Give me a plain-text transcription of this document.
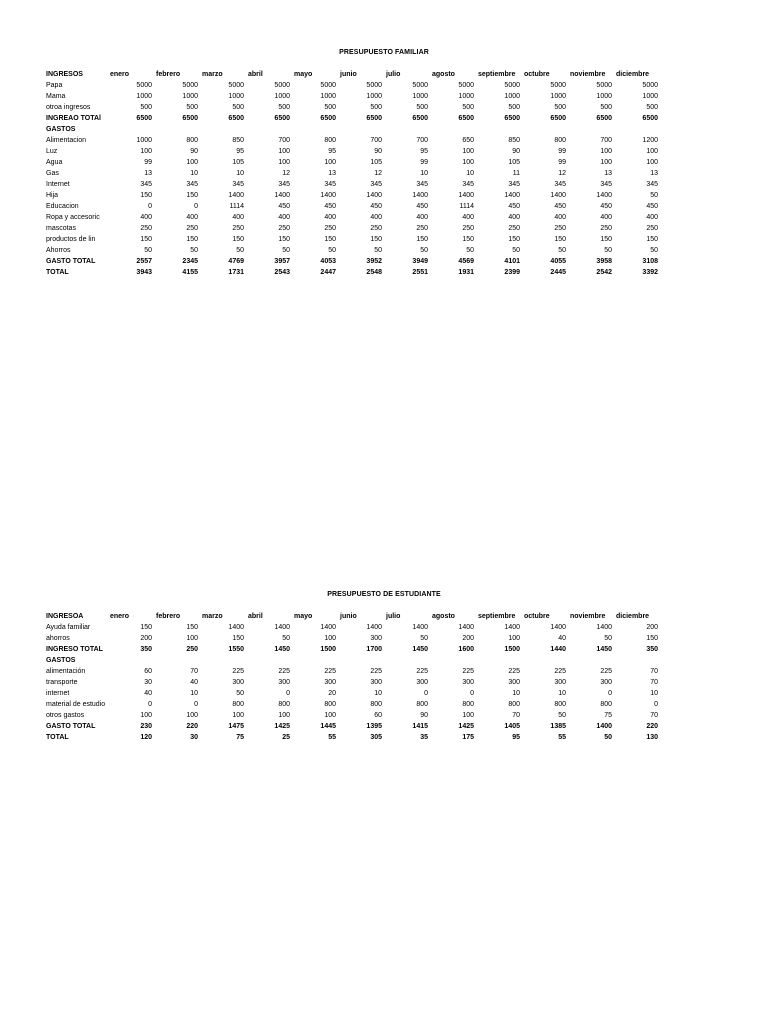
PRESUPUESTO FAMILIAR
INGRESOS	enero	febrero	marzo	abril	mayo	junio	julio	agosto	septiembre	octubre	noviembre	diciembre
Papa	5000	5000	5000	5000	5000	5000	5000	5000	5000	5000	5000	5000
Mama	1000	1000	1000	1000	1000	1000	1000	1000	1000	1000	1000	1000
otroa ingresos	500	500	500	500	500	500	500	500	500	500	500	500
INGREAO TOTAl	6500	6500	6500	6500	6500	6500	6500	6500	6500	6500	6500	6500
GASTOS												
Alimentacion	1000	800	850	700	800	700	700	650	850	800	700	1200
Luz	100	90	95	100	95	90	95	100	90	99	100	100
Agua	99	100	105	100	100	105	99	100	105	99	100	100
Gas	13	10	10	12	13	12	10	10	11	12	13	13
Internet	345	345	345	345	345	345	345	345	345	345	345	345
Hija	150	150	1400	1400	1400	1400	1400	1400	1400	1400	1400	50
Educacion	0	0	1114	450	450	450	450	1114	450	450	450	450
Ropa y accesoric	400	400	400	400	400	400	400	400	400	400	400	400
mascotas	250	250	250	250	250	250	250	250	250	250	250	250
productos de lin	150	150	150	150	150	150	150	150	150	150	150	150
Ahorros	50	50	50	50	50	50	50	50	50	50	50	50
GASTO TOTAL	2557	2345	4769	3957	4053	3952	3949	4569	4101	4055	3958	3108
TOTAL	3943	4155	1731	2543	2447	2548	2551	1931	2399	2445	2542	3392
PRESUPUESTO DE ESTUDIANTE
INGRESOA	enero	febrero	marzo	abril	mayo	junio	julio	agosto	septiembre	octubre	noviembre	diciembre
Ayuda familiar	150	150	1400	1400	1400	1400	1400	1400	1400	1400	1400	200
ahorros	200	100	150	50	100	300	50	200	100	40	50	150
INGRESO TOTAL	350	250	1550	1450	1500	1700	1450	1600	1500	1440	1450	350
GASTOS												
alimentación	60	70	225	225	225	225	225	225	225	225	225	70
transporte	30	40	300	300	300	300	300	300	300	300	300	70
internet	40	10	50	0	20	10	0	0	10	10	0	10
material de estudio	0	0	800	800	800	800	800	800	800	800	800	0
otros gastos	100	100	100	100	100	60	90	100	70	50	75	70
GASTO TOTAL	230	220	1475	1425	1445	1395	1415	1425	1405	1385	1400	220
TOTAL	120	30	75	25	55	305	35	175	95	55	50	130
